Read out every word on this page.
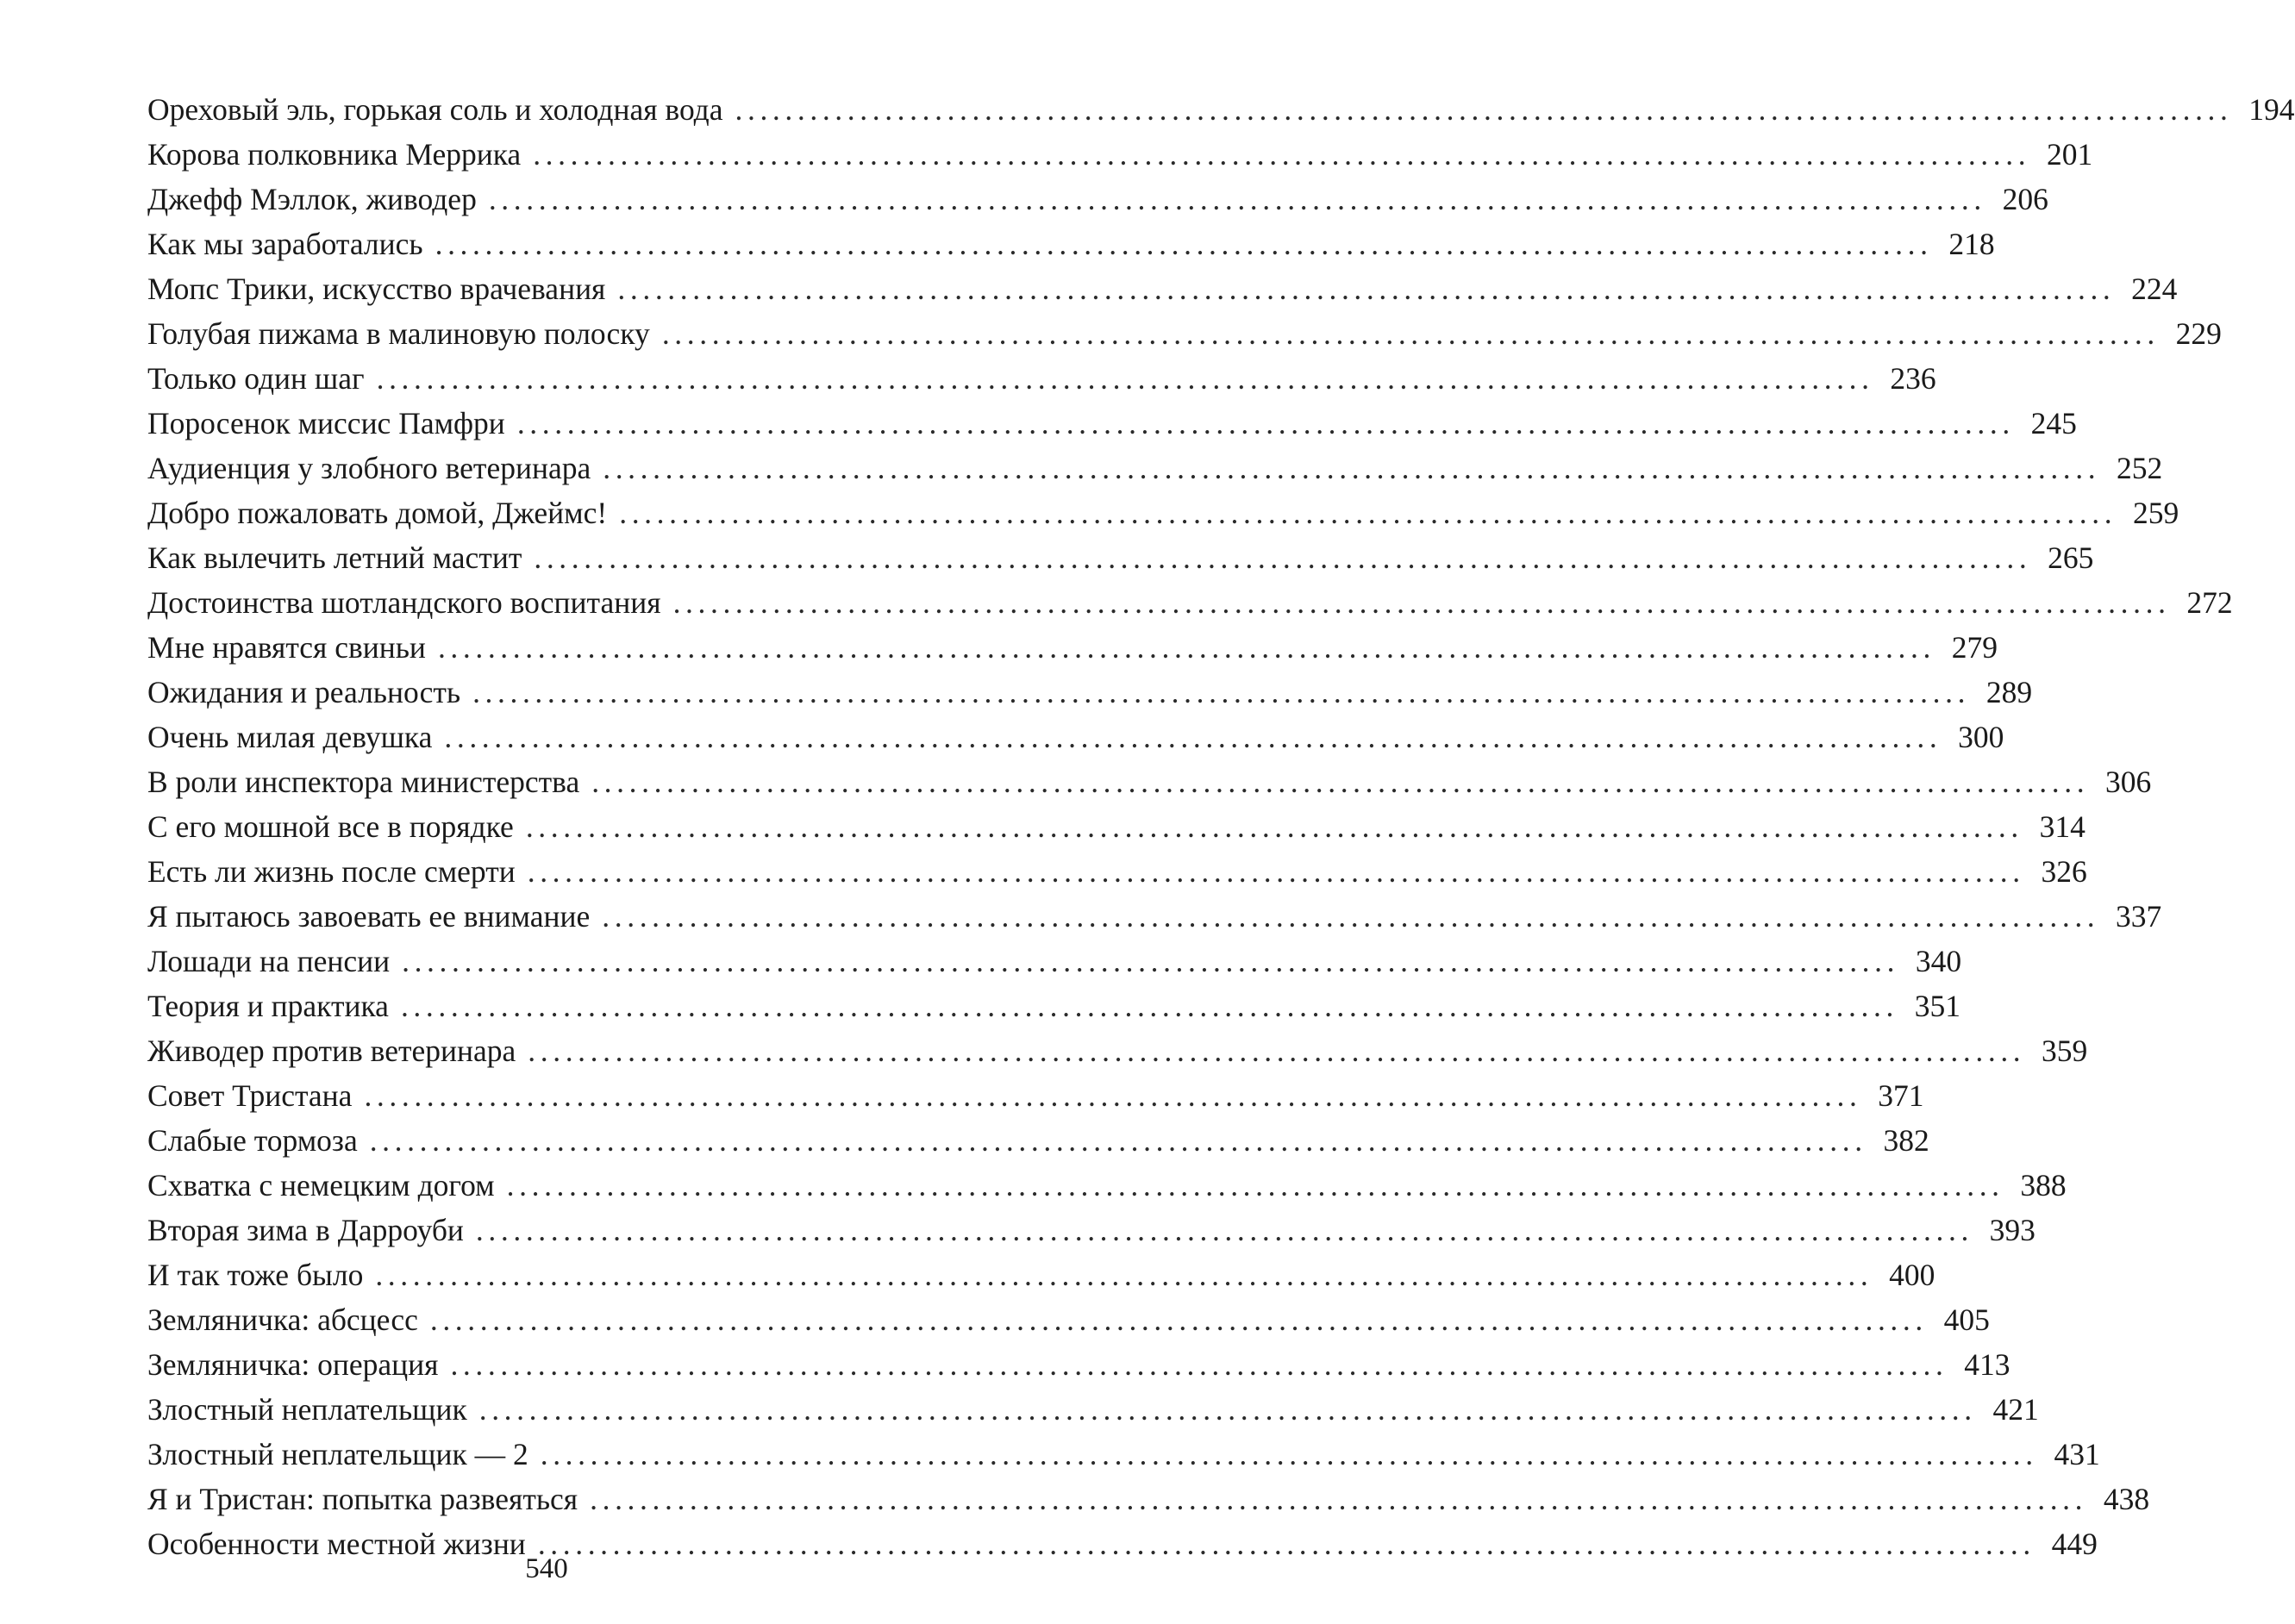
Ореховый эль, горькая соль и холодная вода ........................................................................................................................ 194
Корова полковника Меррика ........................................................................................................................ 201
Джефф Мэллок, живодер ........................................................................................................................ 206
Как мы заработались ........................................................................................................................ 218
Мопс Трики, искусство врачевания ........................................................................................................................ 224
Голубая пижама в малиновую полоску ........................................................................................................................ 229
Только один шаг ........................................................................................................................ 236
Поросенок миссис Памфри ........................................................................................................................ 245
Аудиенция у злобного ветеринара ........................................................................................................................ 252
Добро пожаловать домой, Джеймс! ........................................................................................................................ 259
Как вылечить летний мастит ........................................................................................................................ 265
Достоинства шотландского воспитания ........................................................................................................................ 272
Мне нравятся свиньи ........................................................................................................................ 279
Ожидания и реальность ........................................................................................................................ 289
Очень милая девушка ........................................................................................................................ 300
В роли инспектора министерства ........................................................................................................................ 306
С его мошной все в порядке ........................................................................................................................ 314
Есть ли жизнь после смерти ........................................................................................................................ 326
Я пытаюсь завоевать ее внимание ........................................................................................................................ 337
Лошади на пенсии ........................................................................................................................ 340
Теория и практика ........................................................................................................................ 351
Живодер против ветеринара ........................................................................................................................ 359
Совет Тристана ........................................................................................................................ 371
Слабые тормоза ........................................................................................................................ 382
Схватка с немецким догом ........................................................................................................................ 388
Вторая зима в Дарроуби ........................................................................................................................ 393
И так тоже было ........................................................................................................................ 400
Земляничка: абсцесс ........................................................................................................................ 405
Земляничка: операция ........................................................................................................................ 413
Злостный неплательщик ........................................................................................................................ 421
Злостный неплательщик — 2 ........................................................................................................................ 431
Я и Тристан: попытка развеяться ........................................................................................................................ 438
Особенности местной жизни ........................................................................................................................ 449
540
